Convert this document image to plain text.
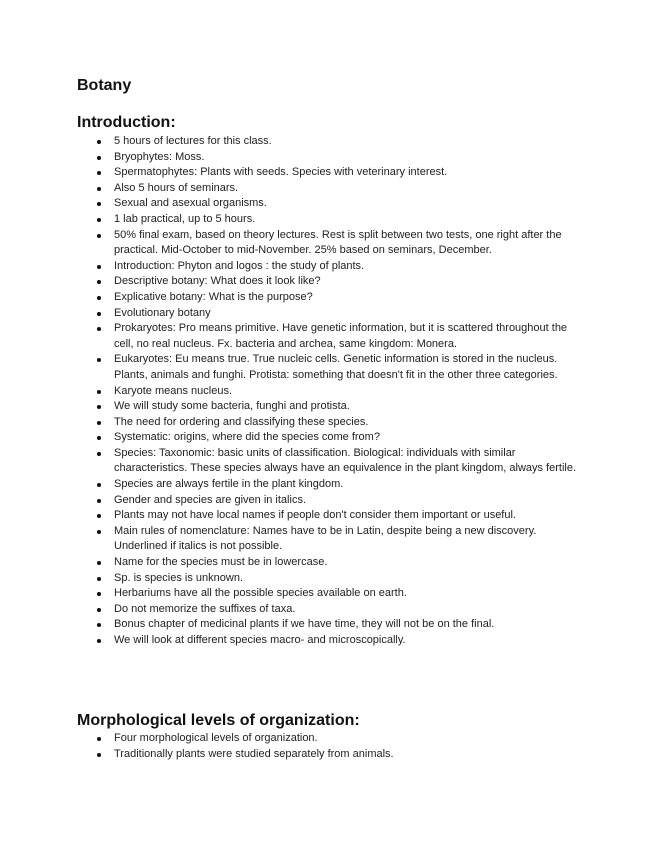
Botany
Introduction:
5 hours of lectures for this class.
Bryophytes: Moss.
Spermatophytes: Plants with seeds. Species with veterinary interest.
Also 5 hours of seminars.
Sexual and asexual organisms.
1 lab practical, up to 5 hours.
50% final exam, based on theory lectures. Rest is split between two tests, one right after the practical. Mid-October to mid-November. 25% based on seminars, December.
Introduction: Phyton and logos : the study of plants.
Descriptive botany: What does it look like?
Explicative botany: What is the purpose?
Evolutionary botany
Prokaryotes: Pro means primitive. Have genetic information, but it is scattered throughout the cell, no real nucleus. Fx. bacteria and archea, same kingdom: Monera.
Eukaryotes: Eu means true. True nucleic cells. Genetic information is stored in the nucleus. Plants, animals and funghi. Protista: something that doesn't fit in the other three categories.
Karyote means nucleus.
We will study some bacteria, funghi and protista.
The need for ordering and classifying these species.
Systematic: origins, where did the species come from?
Species: Taxonomic: basic units of classification. Biological: individuals with similar characteristics. These species always have an equivalence in the plant kingdom, always fertile.
Species are always fertile in the plant kingdom.
Gender and species are given in italics.
Plants may not have local names if people don't consider them important or useful.
Main rules of nomenclature: Names have to be in Latin, despite being a new discovery. Underlined if italics is not possible.
Name for the species must be in lowercase.
Sp. is species is unknown.
Herbariums have all the possible species available on earth.
Do not memorize the suffixes of taxa.
Bonus chapter of medicinal plants if we have time, they will not be on the final.
We will look at different species macro- and microscopically.
Morphological levels of organization:
Four morphological levels of organization.
Traditionally plants were studied separately from animals.
